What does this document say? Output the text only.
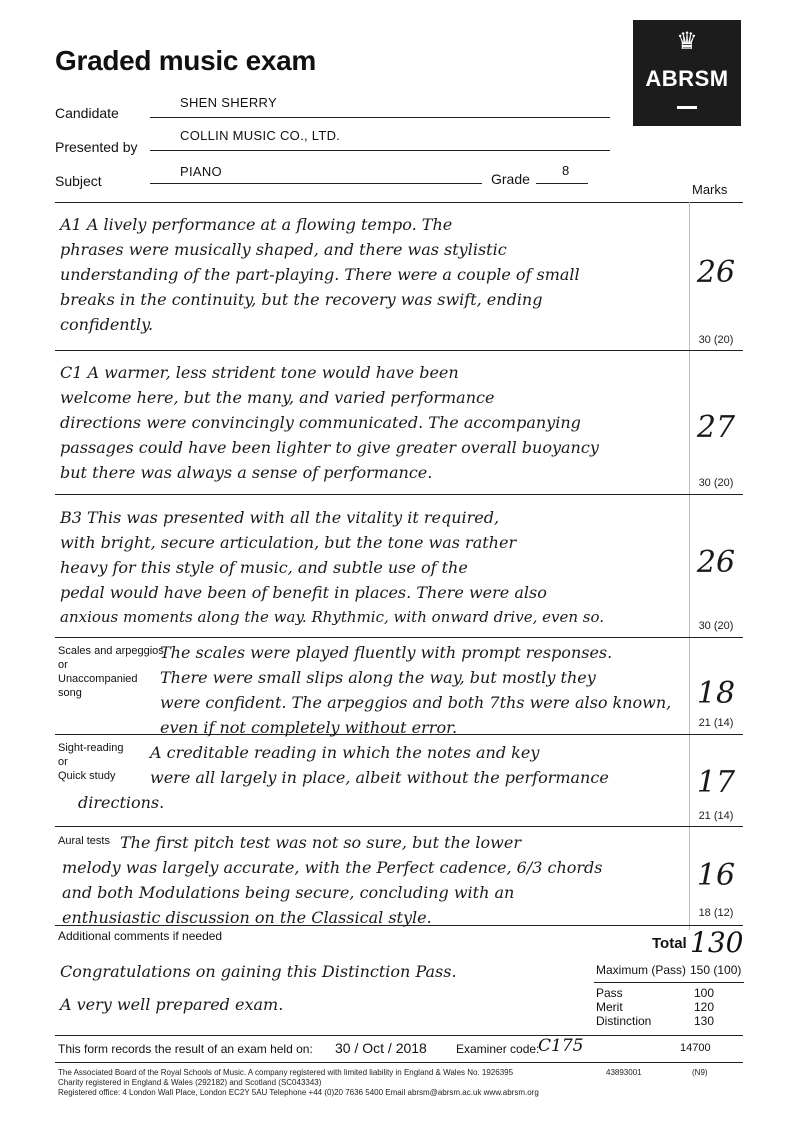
Graded music exam
♛
ABRSM
Candidate
SHEN SHERRY
Presented by
COLLIN MUSIC CO., LTD.
Subject
PIANO	Grade
8
Marks
A1 A lively performance at a flowing tempo. The
phrases were musically shaped, and there was stylistic
understanding of the part-playing. There were a couple of small
breaks in the continuity, but the recovery was swift, ending
confidently.
26
30 (20)
C1 A warmer, less strident tone would have been
welcome here, but the many, and varied performance
directions were convincingly communicated. The accompanying
passages could have been lighter to give greater overall buoyancy
but there was always a sense of performance.
27
30 (20)
B3 This was presented with all the vitality it required,
with bright, secure articulation, but the tone was rather
heavy for this style of music, and subtle use of the
pedal would have been of benefit in places. There were also
anxious moments along the way. Rhythmic, with onward drive, even so.
26
30 (20)
Scales and arpeggios
or
Unaccompanied
song
The scales were played fluently with prompt responses.
There were small slips along the way, but mostly they
were confident. The arpeggios and both 7ths were also known,
even if not completely without error.
18
21 (14)
Sight-reading
or
Quick study
A creditable reading in which the notes and key
were all largely in place, albeit without the performance
directions.
17
21 (14)
Aural tests The first pitch test was not so sure, but the lower
melody was largely accurate, with the Perfect cadence, 6/3 chords
and both Modulations being secure, concluding with an
enthusiastic discussion on the Classical style.
16
18 (12)
Additional comments if needed
Congratulations on gaining this Distinction Pass.
A very well prepared exam.
Total 130
Maximum (Pass) 150 (100)
Pass	100
Merit	120
Distinction	130
This form records the result of an exam held on: 30 / Oct / 2018 Examiner code:
C175	14700
The Associated Board of the Royal Schools of Music. A company registered with limited liability in England & Wales No. 1926395
Charity registered in England & Wales (292182) and Scotland (SC043343)
Registered office: 4 London Wall Place, London EC2Y 5AU Telephone +44 (0)20 7636 5400 Email abrsm@abrsm.ac.uk www.abrsm.org
43893001	(N9)
